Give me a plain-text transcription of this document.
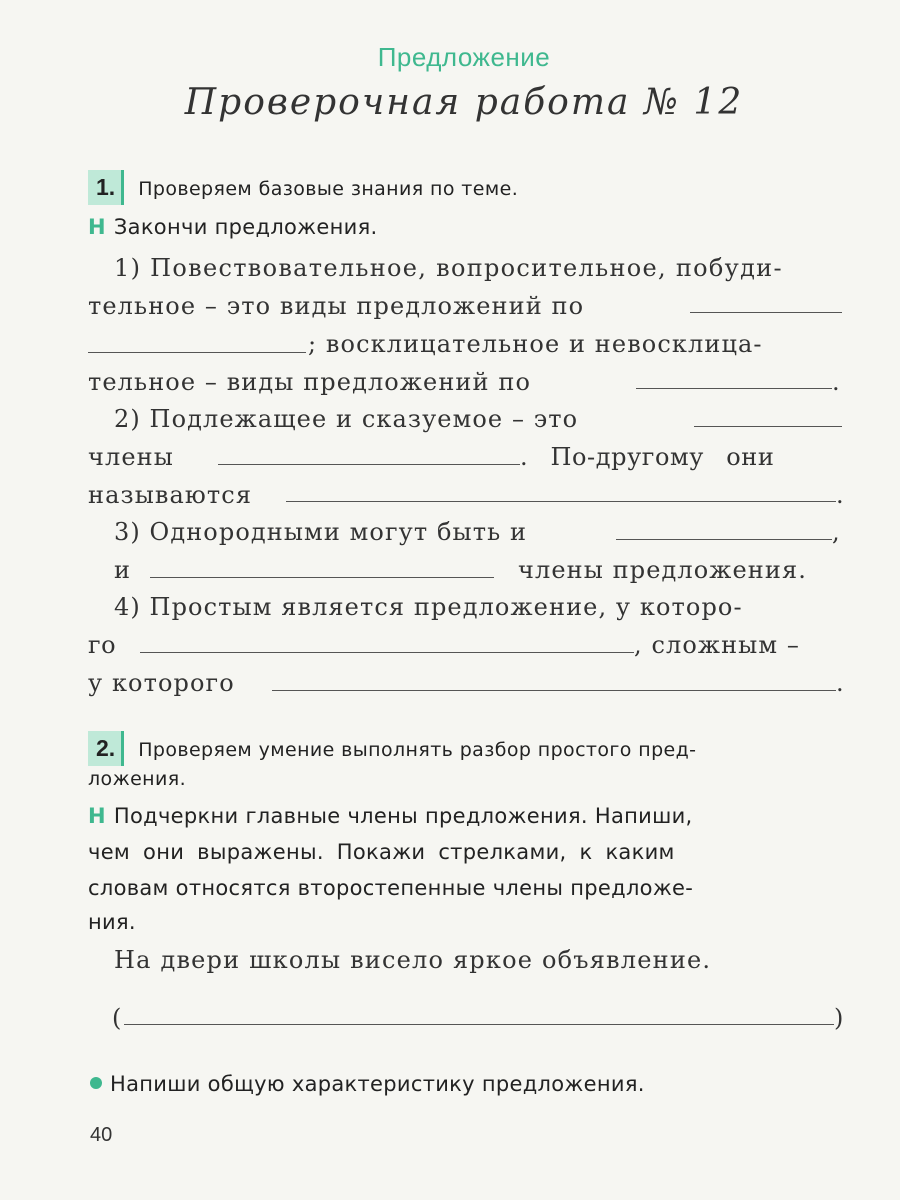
Предложение
Проверочная работа № 12
1. Проверяем базовые знания по теме.
Н Закончи предложения.
1) Повествовательное, вопросительное, побуди-
тельное – это виды предложений по
; восклицательное и невосклица-
тельное – виды предложений по	.
2) Подлежащее и сказуемое – это
члены	. По-другому они
называются	.
3) Однородными могут быть и	,
и	члены предложения.
4) Простым является предложение, у которо-
го	, сложным –
у которого	.
2. Проверяем умение выполнять разбор простого пред-
ложения.
Н Подчеркни главные члены предложения. Напиши,
чем они выражены. Покажи стрелками, к каким
словам относятся второстепенные члены предложе-
ния.
На двери школы висело яркое объявление.
(	)
Напиши общую характеристику предложения.
40
